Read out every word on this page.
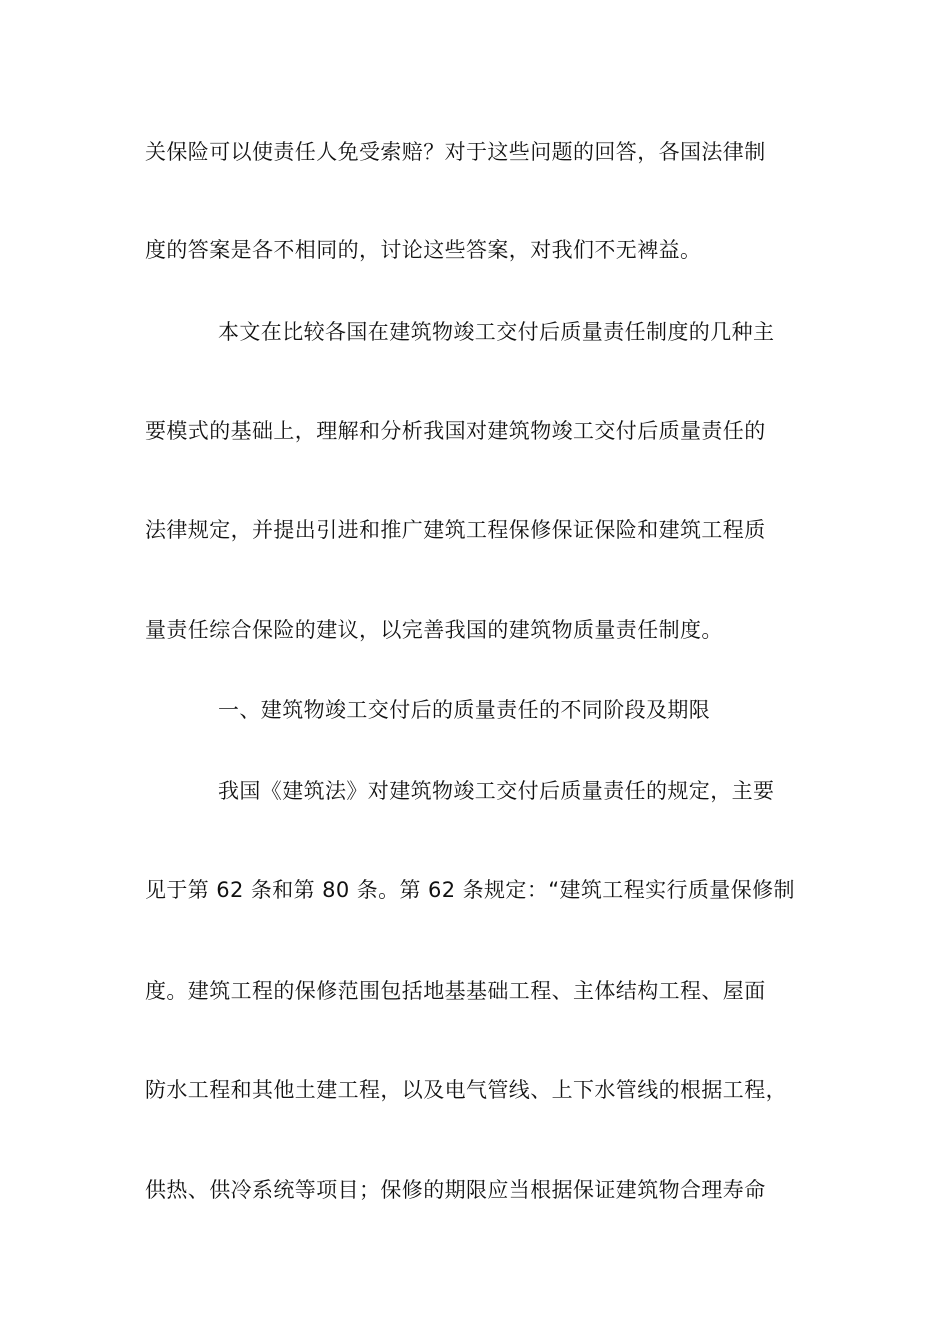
关保险可以使责任人免受索赔？对于这些问题的回答，各国法律制
度的答案是各不相同的，讨论这些答案，对我们不无裨益。
本文在比较各国在建筑物竣工交付后质量责任制度的几种主
要模式的基础上，理解和分析我国对建筑物竣工交付后质量责任的
法律规定，并提出引进和推广建筑工程保修保证保险和建筑工程质
量责任综合保险的建议，以完善我国的建筑物质量责任制度。
一、建筑物竣工交付后的质量责任的不同阶段及期限
我国《建筑法》对建筑物竣工交付后质量责任的规定，主要
见于第 62 条和第 80 条。第 62 条规定：“建筑工程实行质量保修制
度。建筑工程的保修范围包括地基基础工程、主体结构工程、屋面
防水工程和其他土建工程，以及电气管线、上下水管线的根据工程，
供热、供冷系统等项目；保修的期限应当根据保证建筑物合理寿命
